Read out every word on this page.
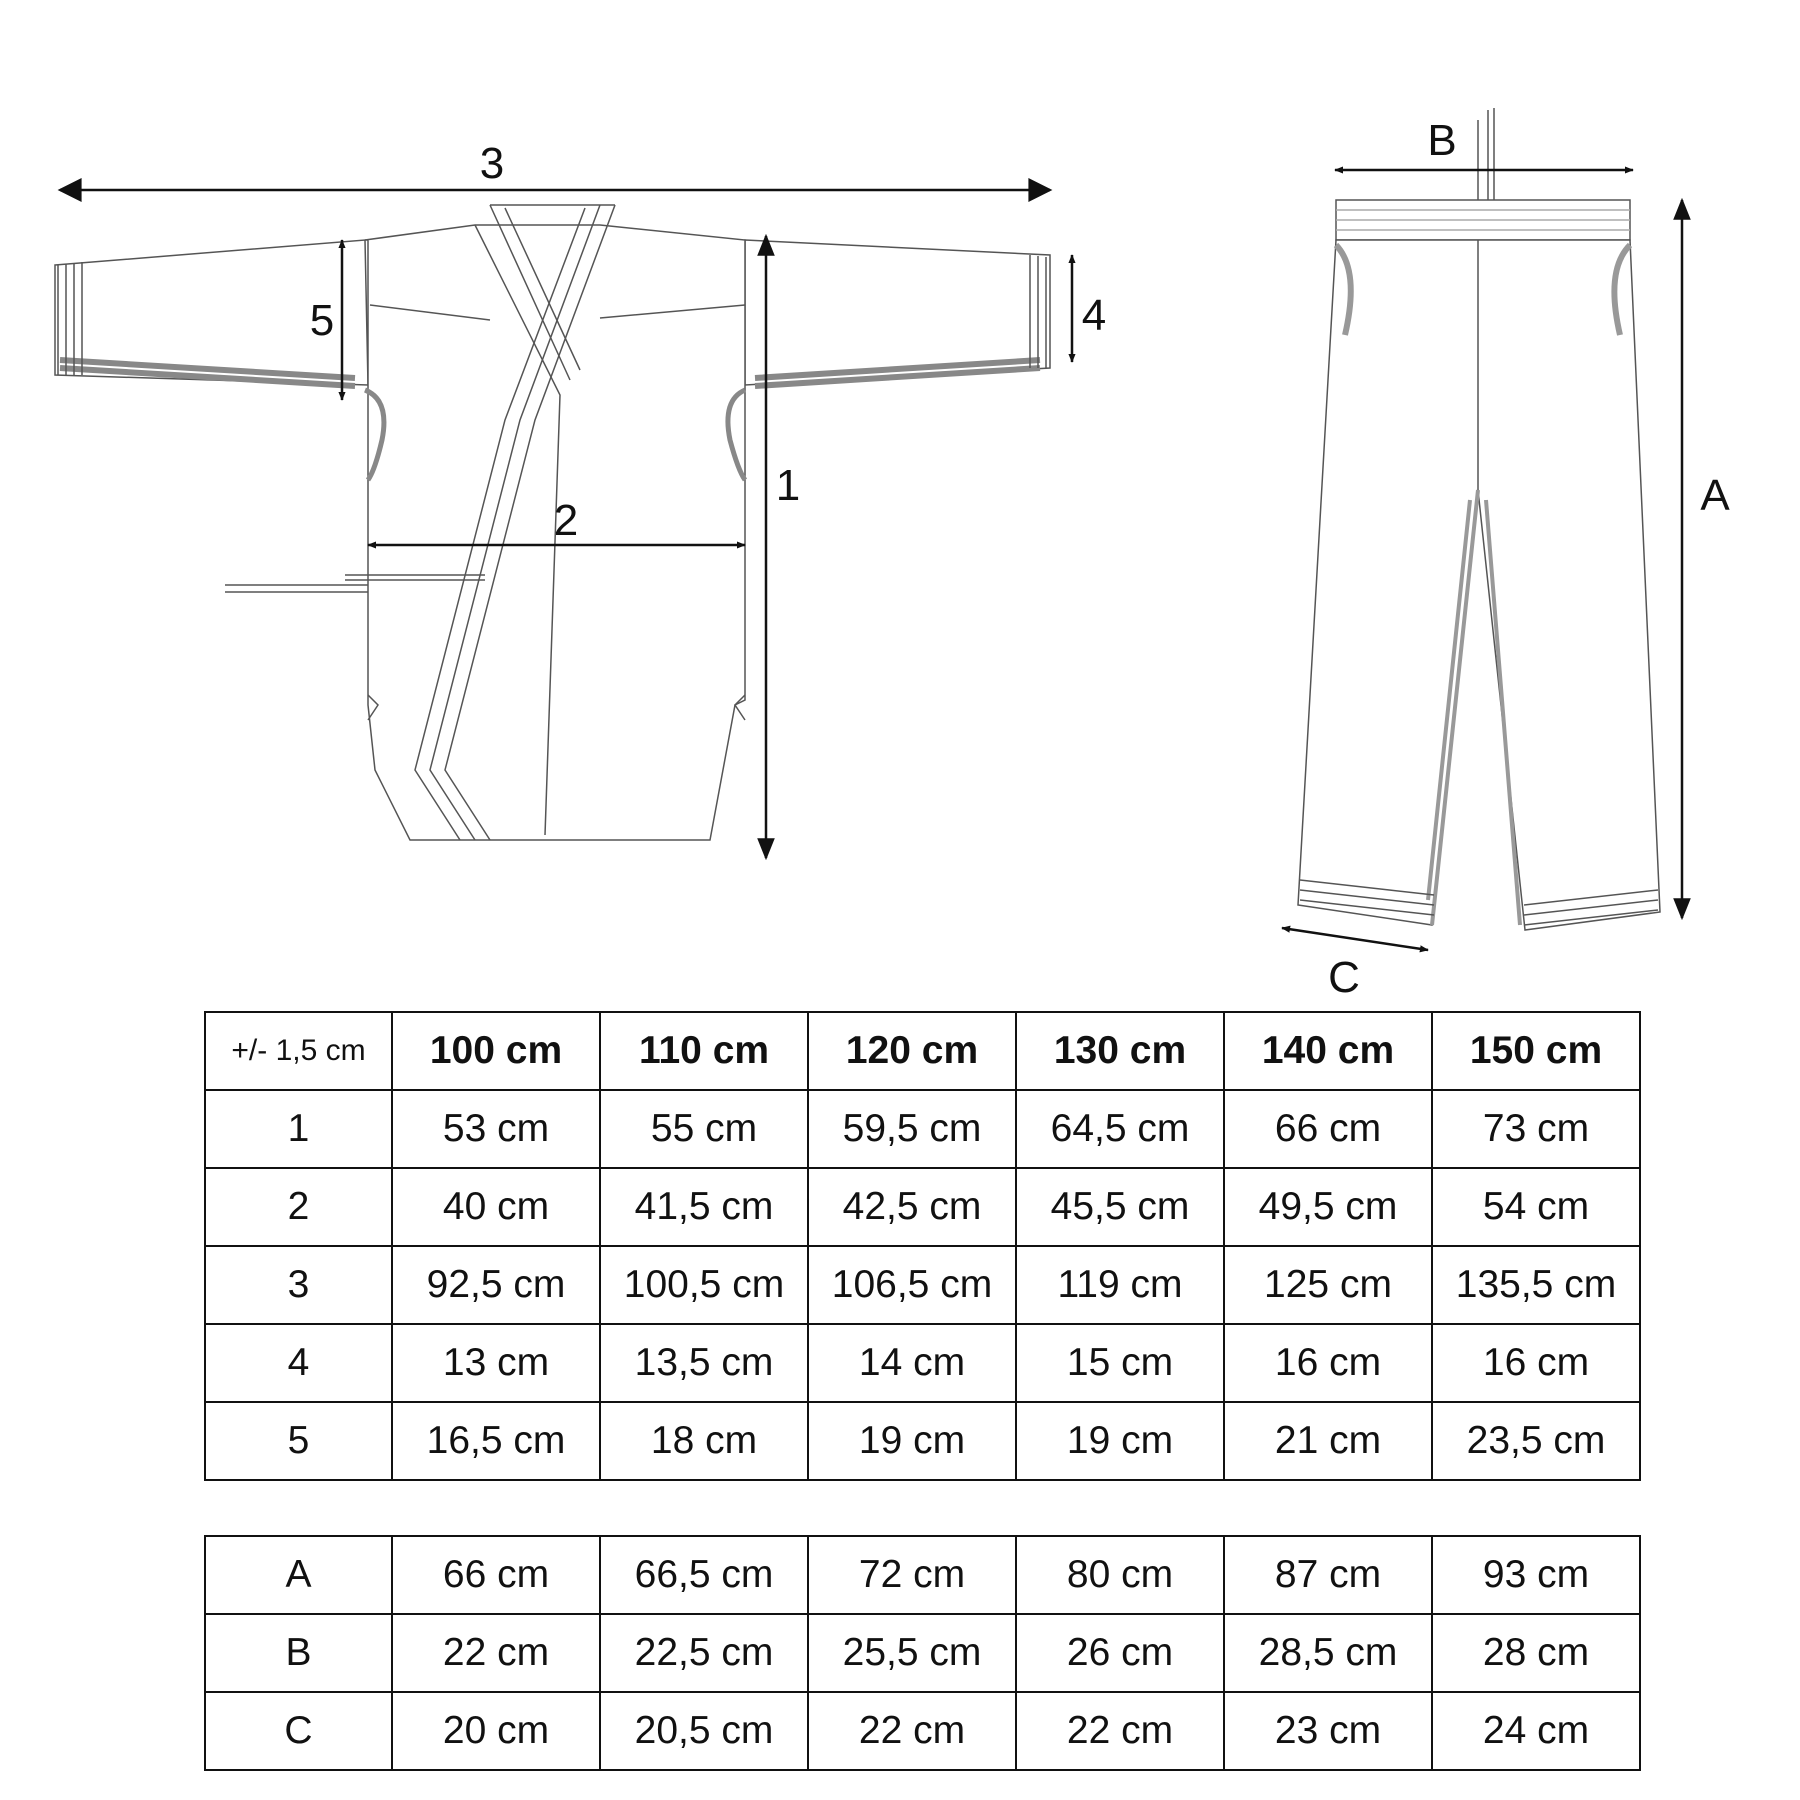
3
5	4
1
2
B
A
C
+/- 1,5 cm	100 cm	110 cm	120 cm	130 cm	140 cm	150 cm
1	53 cm	55 cm	59,5 cm	64,5 cm	66 cm	73 cm
2	40 cm	41,5 cm	42,5 cm	45,5 cm	49,5 cm	54 cm
3	92,5 cm	100,5 cm	106,5 cm	119 cm	125 cm	135,5 cm
4	13 cm	13,5 cm	14 cm	15 cm	16 cm	16 cm
5	16,5 cm	18 cm	19 cm	19 cm	21 cm	23,5 cm
A	66 cm	66,5 cm	72 cm	80 cm	87 cm	93 cm
B	22 cm	22,5 cm	25,5 cm	26 cm	28,5 cm	28 cm
C	20 cm	20,5 cm	22 cm	22 cm	23 cm	24 cm
